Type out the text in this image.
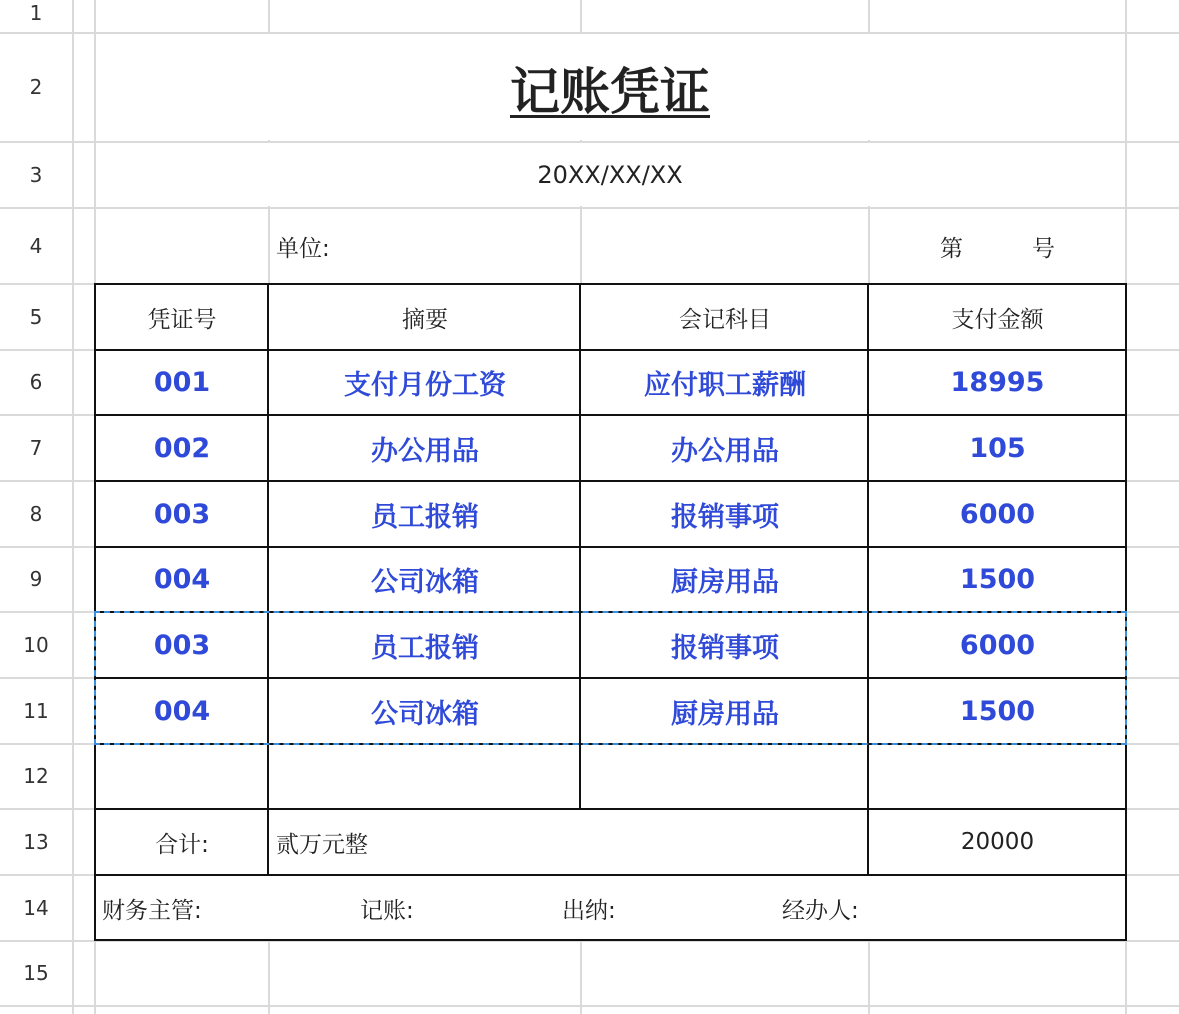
1
2
3
4
5
6
7
8
9
10
11
12
13
14
15
记账凭证
20XX/XX/XX
单位:	第	号
凭证号	摘要	会记科目	支付金额
001	支付月份工资	应付职工薪酬	18995
002	办公用品	办公用品	105
003	员工报销	报销事项	6000
004	公司冰箱	厨房用品	1500
003	员工报销	报销事项	6000
004	公司冰箱	厨房用品	1500
合计:	贰万元整	20000
财务主管:	记账:	出纳:	经办人:
